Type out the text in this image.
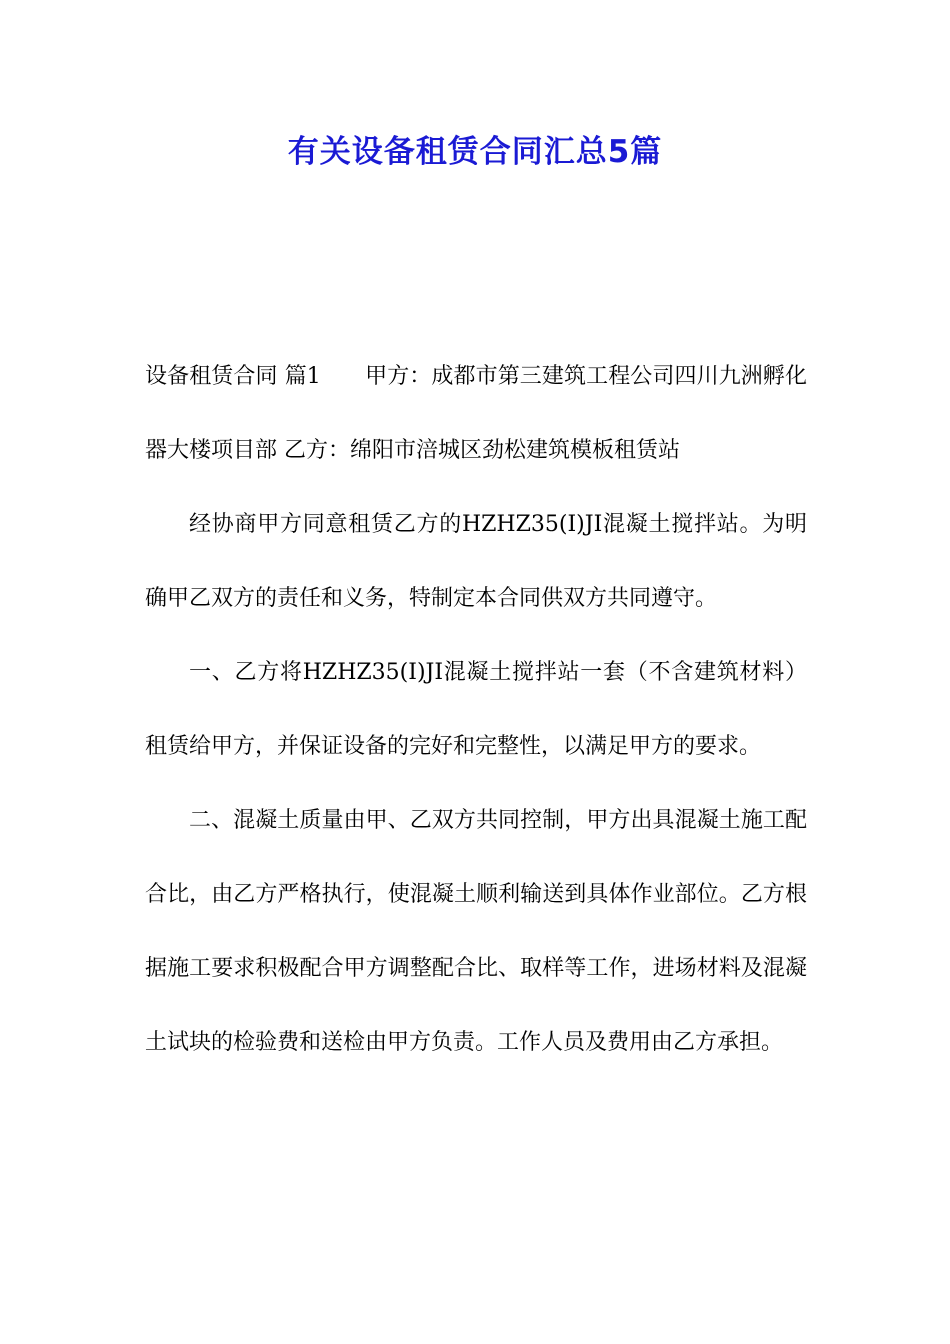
有关设备租赁合同汇总5篇

设备租赁合同 篇1　　甲方：成都市第三建筑工程公司四川九洲孵化器大楼项目部 乙方：绵阳市涪城区劲松建筑模板租赁站

经协商甲方同意租赁乙方的HZHZ35(I)JI混凝土搅拌站。为明确甲乙双方的责任和义务，特制定本合同供双方共同遵守。

一、乙方将HZHZ35(I)JI混凝土搅拌站一套（不含建筑材料）租赁给甲方，并保证设备的完好和完整性，以满足甲方的要求。

二、混凝土质量由甲、乙双方共同控制，甲方出具混凝土施工配合比，由乙方严格执行，使混凝土顺利输送到具体作业部位。乙方根据施工要求积极配合甲方调整配合比、取样等工作，进场材料及混凝土试块的检验费和送检由甲方负责。工作人员及费用由乙方承担。
